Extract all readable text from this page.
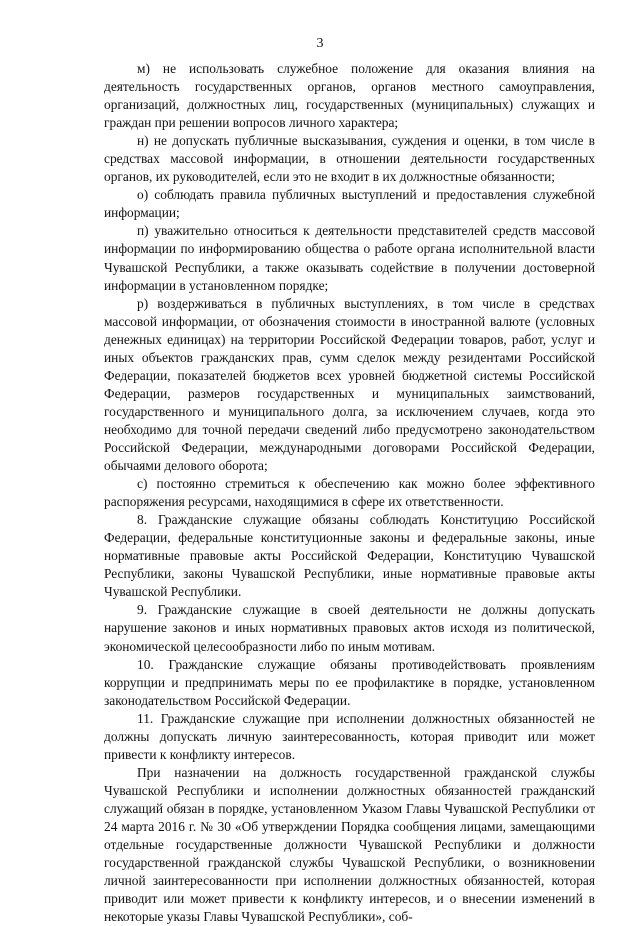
3

м) не использовать служебное положение для оказания влияния на деятельность государственных органов, органов местного самоуправления, организаций, должностных лиц, государственных (муниципальных) служащих и граждан при решении вопросов личного характера;

н) не допускать публичные высказывания, суждения и оценки, в том числе в средствах массовой информации, в отношении деятельности государственных органов, их руководителей, если это не входит в их должностные обязанности;

о) соблюдать правила публичных выступлений и предоставления служебной информации;

п) уважительно относиться к деятельности представителей средств массовой информации по информированию общества о работе органа исполнительной власти Чувашской Республики, а также оказывать содействие в получении достоверной информации в установленном порядке;

р) воздерживаться в публичных выступлениях, в том числе в средствах массовой информации, от обозначения стоимости в иностранной валюте (условных денежных единицах) на территории Российской Федерации товаров, работ, услуг и иных объектов гражданских прав, сумм сделок между резидентами Российской Федерации, показателей бюджетов всех уровней бюджетной системы Российской Федерации, размеров государственных и муниципальных заимствований, государственного и муниципального долга, за исключением случаев, когда это необходимо для точной передачи сведений либо предусмотрено законодательством Российской Федерации, международными договорами Российской Федерации, обычаями делового оборота;

с) постоянно стремиться к обеспечению как можно более эффективного распоряжения ресурсами, находящимися в сфере их ответственности.

8. Гражданские служащие обязаны соблюдать Конституцию Российской Федерации, федеральные конституционные законы и федеральные законы, иные нормативные правовые акты Российской Федерации, Конституцию Чувашской Республики, законы Чувашской Республики, иные нормативные правовые акты Чувашской Республики.

9. Гражданские служащие в своей деятельности не должны допускать нарушение законов и иных нормативных правовых актов исходя из политической, экономической целесообразности либо по иным мотивам.

10. Гражданские служащие обязаны противодействовать проявлениям коррупции и предпринимать меры по ее профилактике в порядке, установленном законодательством Российской Федерации.

11. Гражданские служащие при исполнении должностных обязанностей не должны допускать личную заинтересованность, которая приводит или может привести к конфликту интересов.

При назначении на должность государственной гражданской службы Чувашской Республики и исполнении должностных обязанностей гражданский служащий обязан в порядке, установленном Указом Главы Чувашской Республики от 24 марта 2016 г. № 30 «Об утверждении Порядка сообщения лицами, замещающими отдельные государственные должности Чувашской Республики и должности государственной гражданской службы Чувашской Республики, о возникновении личной заинтересованности при исполнении должностных обязанностей, которая приводит или может привести к конфликту интересов, и о внесении изменений в некоторые указы Главы Чувашской Республики», соб-
